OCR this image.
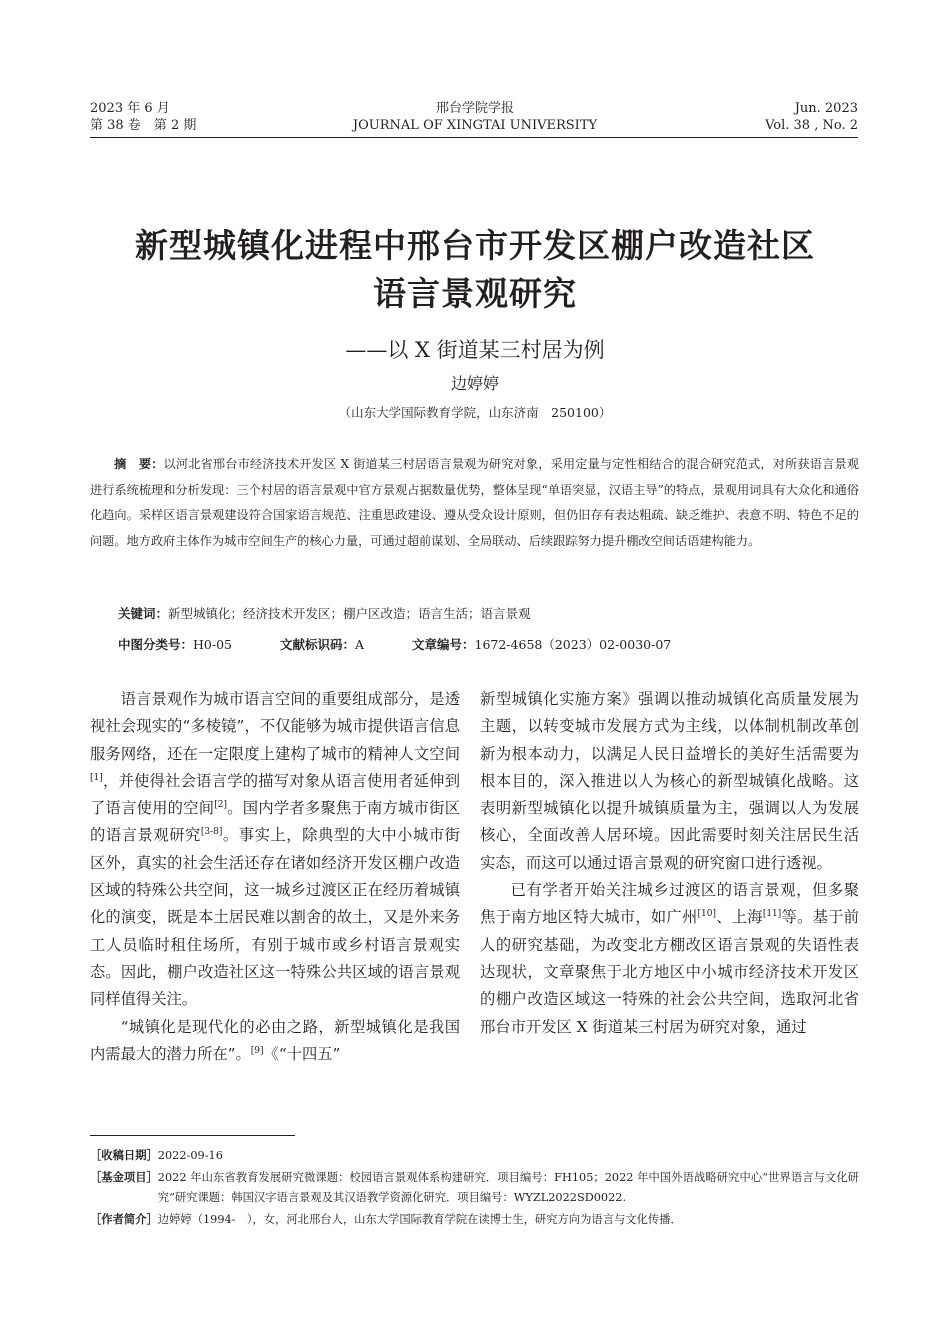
2023 年 6 月
第 38 卷　第 2 期
邢台学院学报
JOURNAL OF XINGTAI UNIVERSITY
Jun. 2023
Vol. 38 , No. 2
新型城镇化进程中邢台市开发区棚户改造社区
语言景观研究
——以 X 街道某三村居为例
边婷婷
（山东大学国际教育学院，山东济南　250100）
摘　要：以河北省邢台市经济技术开发区 X 街道某三村居语言景观为研究对象，采用定量与定性相结合的混合研究范式，对所获语言景观进行系统梳理和分析发现：三个村居的语言景观中官方景观占据数量优势，整体呈现“单语突显，汉语主导”的特点，景观用词具有大众化和通俗化趋向。采样区语言景观建设符合国家语言规范、注重思政建设、遵从受众设计原则，但仍旧存有表达粗疏、缺乏维护、表意不明、特色不足的问题。地方政府主体作为城市空间生产的核心力量，可通过超前谋划、全局联动、后续跟踪努力提升棚改空间话语建构能力。
关键词：新型城镇化；经济技术开发区；棚户区改造；语言生活；语言景观
中图分类号：H0-05	文献标识码：A	文章编号：1672-4658（2023）02-0030-07

语言景观作为城市语言空间的重要组成部分，是透视社会现实的“多棱镜”，不仅能够为城市提供语言信息服务网络，还在一定限度上建构了城市的精神人文空间[1]，并使得社会语言学的描写对象从语言使用者延伸到了语言使用的空间[2]。国内学者多聚焦于南方城市街区的语言景观研究[3-8]。事实上，除典型的大中小城市街区外，真实的社会生活还存在诸如经济开发区棚户改造区域的特殊公共空间，这一城乡过渡区正在经历着城镇化的演变，既是本土居民难以割舍的故土，又是外来务工人员临时租住场所，有别于城市或乡村语言景观实态。因此，棚户改造社区这一特殊公共区域的语言景观同样值得关注。

“城镇化是现代化的必由之路，新型城镇化是我国内需最大的潜力所在”。[9]《“十四五”

新型城镇化实施方案》强调以推动城镇化高质量发展为主题，以转变城市发展方式为主线，以体制机制改革创新为根本动力，以满足人民日益增长的美好生活需要为根本目的，深入推进以人为核心的新型城镇化战略。这表明新型城镇化以提升城镇质量为主，强调以人为发展核心，全面改善人居环境。因此需要时刻关注居民生活实态，而这可以通过语言景观的研究窗口进行透视。

已有学者开始关注城乡过渡区的语言景观，但多聚焦于南方地区特大城市，如广州[10]、上海[11]等。基于前人的研究基础，为改变北方棚改区语言景观的失语性表达现状，文章聚焦于北方地区中小城市经济技术开发区的棚户改造区域这一特殊的社会公共空间，选取河北省邢台市开发区 X 街道某三村居为研究对象，通过

［收稿日期］2022-09-16
［基金项目］ 2022 年山东省教育发展研究微课题：校园语言景观体系构建研究．项目编号：FH105；2022 年中国外语战略研究中心“世界语言与文化研究”研究课题：韩国汉字语言景观及其汉语教学资源化研究．项目编号：WYZL2022SD0022.
［作者简介］ 边婷婷（1994-　），女，河北邢台人，山东大学国际教育学院在读博士生，研究方向为语言与文化传播．
